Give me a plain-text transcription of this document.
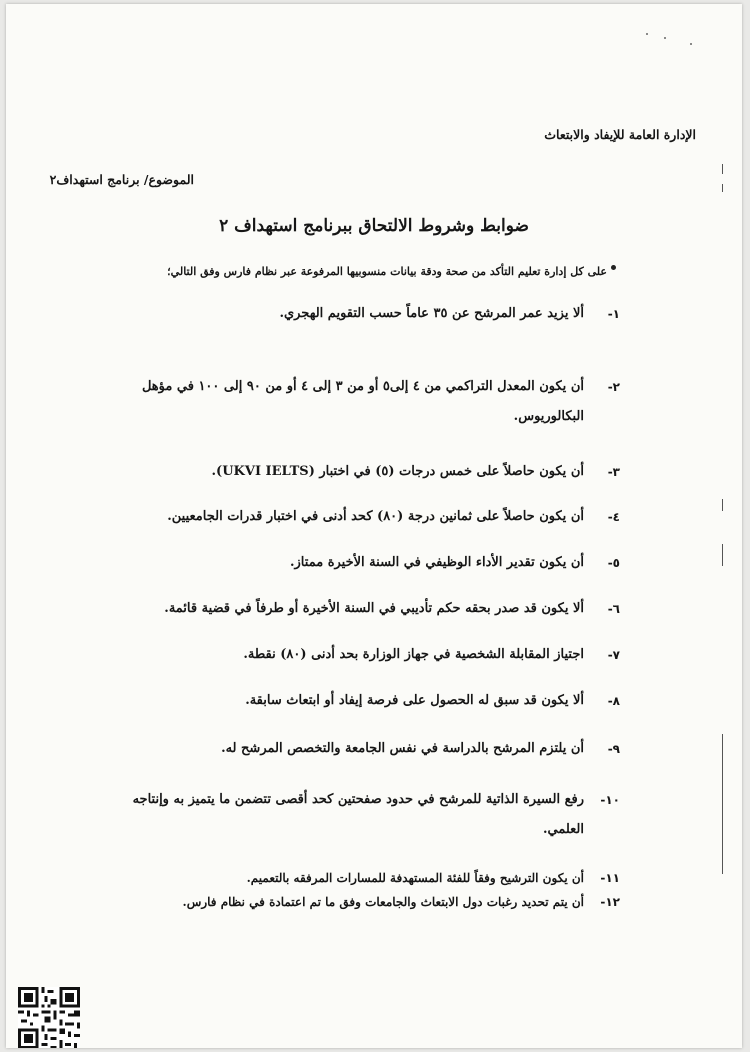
الإدارة العامة للإيفاد والابتعاث
الموضوع/ برنامج استهداف٢
ضوابط وشروط الالتحاق ببرنامج استهداف ٢
على كل إدارة تعليم التأكد من صحة ودقة بيانات منسوبيها المرفوعة عبر نظام فارس وفق التالي؛
١-
ألا يزيد عمر المرشح عن ٣٥ عاماً حسب التقويم الهجري.
٢-
أن يكون المعدل التراكمي من ٤ إلى٥ أو من ٣ إلى ٤ أو من ٩٠ إلى ١٠٠ في مؤهل البكالوريوس.
٣-
أن يكون حاصلاً على خمس درجات (٥) في اختبار (UKVI IELTS).
٤-
أن يكون حاصلاً على ثمانين درجة (٨٠) كحد أدنى في اختبار قدرات الجامعيين.
٥-
أن يكون تقدير الأداء الوظيفي في السنة الأخيرة ممتاز.
٦-
ألا يكون قد صدر بحقه حكم تأديبي في السنة الأخيرة أو طرفاً في قضية قائمة.
٧-
اجتياز المقابلة الشخصية في جهاز الوزارة بحد أدنى (٨٠) نقطة.
٨-
ألا يكون قد سبق له الحصول على فرصة إيفاد أو ابتعاث سابقة.
٩-
أن يلتزم المرشح بالدراسة في نفس الجامعة والتخصص المرشح له.
١٠-
رفع السيرة الذاتية للمرشح في حدود صفحتين كحد أقصى تتضمن ما يتميز به وإنتاجه العلمي.
١١-
أن يكون الترشيح وفقاً للفئة المستهدفة للمسارات المرفقه بالتعميم.
١٢-
أن يتم تحديد رغبات دول الابتعاث والجامعات وفق ما تم اعتمادة في نظام فارس.
